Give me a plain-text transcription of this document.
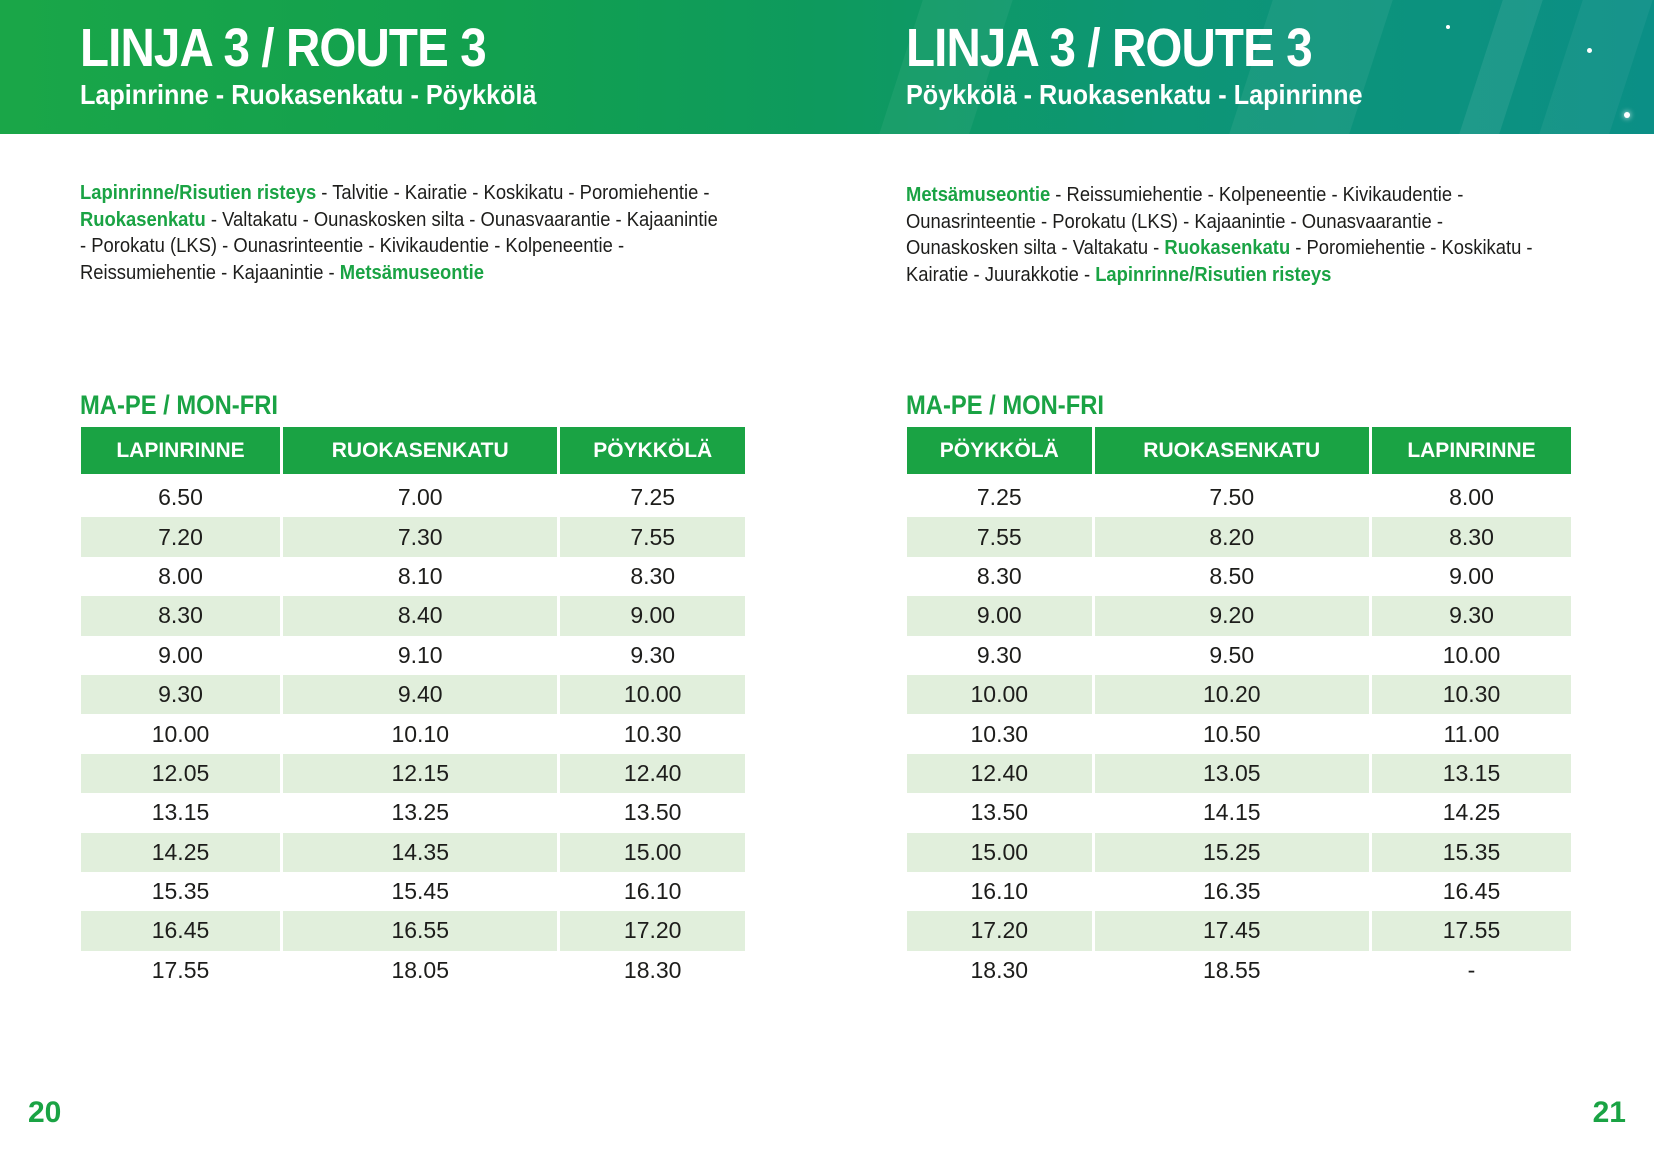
LINJA 3 / ROUTE 3
Lapinrinne - Ruokasenkatu - Pöykkölä

Lapinrinne/Risutien risteys - Talvitie - Kairatie - Koskikatu - Poromiehentie - Ruokasenkatu - Valtakatu - Ounaskosken silta - Ounasvaarantie - Kajaanintie - Porokatu (LKS) - Ounasrinteentie - Kivikaudentie - Kolpeneentie - Reissumiehentie - Kajaanintie - Metsämuseontie

MA-PE / MON-FRI
LAPINRINNE	RUOKASENKATU	PÖYKKÖLÄ
6.50	7.00	7.25
7.20	7.30	7.55
8.00	8.10	8.30
8.30	8.40	9.00
9.00	9.10	9.30
9.30	9.40	10.00
10.00	10.10	10.30
12.05	12.15	12.40
13.15	13.25	13.50
14.25	14.35	15.00
15.35	15.45	16.10
16.45	16.55	17.20
17.55	18.05	18.30
20
LINJA 3 / ROUTE 3
Pöykkölä - Ruokasenkatu - Lapinrinne

Metsämuseontie - Reissumiehentie - Kolpeneentie - Kivikaudentie - Ounasrinteentie - Porokatu (LKS) - Kajaanintie - Ounasvaarantie - Ounaskosken silta - Valtakatu - Ruokasenkatu - Poromiehentie - Koskikatu - Kairatie - Juurakkotie - Lapinrinne/Risutien risteys

MA-PE / MON-FRI
PÖYKKÖLÄ	RUOKASENKATU	LAPINRINNE
7.25	7.50	8.00
7.55	8.20	8.30
8.30	8.50	9.00
9.00	9.20	9.30
9.30	9.50	10.00
10.00	10.20	10.30
10.30	10.50	11.00
12.40	13.05	13.15
13.50	14.15	14.25
15.00	15.25	15.35
16.10	16.35	16.45
17.20	17.45	17.55
18.30	18.55	-
21
